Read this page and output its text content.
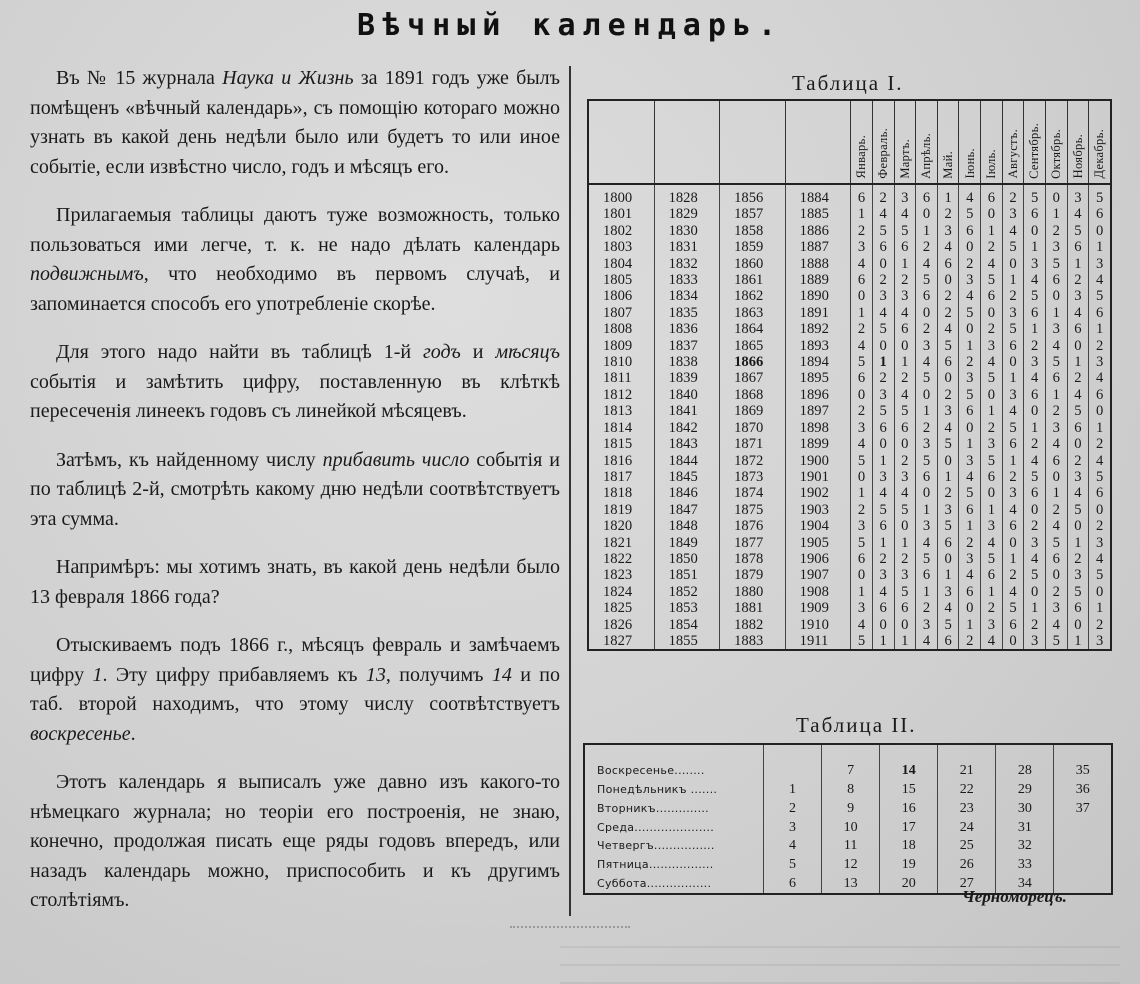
Вѣчный календарь.

Въ № 15 журнала Наука и Жизнь за 1891 годъ уже былъ помѣщенъ «вѣчный календарь», съ помощію котораго можно узнать въ какой день недѣли было или будетъ то или иное событіе, если извѣстно число, годъ и мѣсяцъ его.

Прилагаемыя таблицы даютъ туже возможность, только пользоваться ими легче, т. к. не надо дѣлать календарь подвижнымъ, что необходимо въ первомъ случаѣ, и запоминается способъ его употребленіе скорѣе.

Для этого надо найти въ таблицѣ 1-й годъ и мѣсяцъ событія и замѣтить цифру, поставленную въ клѣткѣ пересеченія линеекъ годовъ съ линейкой мѣсяцевъ.

Затѣмъ, къ найденному числу прибавить число событія и по таблицѣ 2-й, смотрѣть какому дню недѣли соотвѣтствуетъ эта сумма.

Напримѣръ: мы хотимъ знать, въ какой день недѣли было 13 февраля 1866 года?

Отыскиваемъ подъ 1866 г., мѣсяцъ февраль и замѣчаемъ цифру 1. Эту цифру прибавляемъ къ 13, получимъ 14 и по таб. второй находимъ, что этому числу соотвѣтствуетъ воскресенье.

Этотъ календарь я выписалъ уже давно изъ какого-то нѣмецкаго журнала; но теоріи его построенія, не знаю, конечно, продолжая писать еще ряды годовъ впередъ, или назадъ календарь можно, приспособить и къ другимъ столѣтіямъ.

Таблица I.
				Январь.	Февраль.	Мартъ.	Апрѣль.	Май.	Іюнь.	Іюль.	Августъ.	Сентябрь.	Октябрь.	Ноябрь.	Декабрь.
1800	1828	1856	1884	6	2	3	6	1	4	6	2	5	0	3	5
1801	1829	1857	1885	1	4	4	0	2	5	0	3	6	1	4	6
1802	1830	1858	1886	2	5	5	1	3	6	1	4	0	2	5	0
1803	1831	1859	1887	3	6	6	2	4	0	2	5	1	3	6	1
1804	1832	1860	1888	4	0	1	4	6	2	4	0	3	5	1	3
1805	1833	1861	1889	6	2	2	5	0	3	5	1	4	6	2	4
1806	1834	1862	1890	0	3	3	6	2	4	6	2	5	0	3	5
1807	1835	1863	1891	1	4	4	0	2	5	0	3	6	1	4	6
1808	1836	1864	1892	2	5	6	2	4	0	2	5	1	3	6	1
1809	1837	1865	1893	4	0	0	3	5	1	3	6	2	4	0	2
1810	1838	1866	1894	5	1	1	4	6	2	4	0	3	5	1	3
1811	1839	1867	1895	6	2	2	5	0	3	5	1	4	6	2	4
1812	1840	1868	1896	0	3	4	0	2	5	0	3	6	1	4	6
1813	1841	1869	1897	2	5	5	1	3	6	1	4	0	2	5	0
1814	1842	1870	1898	3	6	6	2	4	0	2	5	1	3	6	1
1815	1843	1871	1899	4	0	0	3	5	1	3	6	2	4	0	2
1816	1844	1872	1900	5	1	2	5	0	3	5	1	4	6	2	4
1817	1845	1873	1901	0	3	3	6	1	4	6	2	5	0	3	5
1818	1846	1874	1902	1	4	4	0	2	5	0	3	6	1	4	6
1819	1847	1875	1903	2	5	5	1	3	6	1	4	0	2	5	0
1820	1848	1876	1904	3	6	0	3	5	1	3	6	2	4	0	2
1821	1849	1877	1905	5	1	1	4	6	2	4	0	3	5	1	3
1822	1850	1878	1906	6	2	2	5	0	3	5	1	4	6	2	4
1823	1851	1879	1907	0	3	3	6	1	4	6	2	5	0	3	5
1824	1852	1880	1908	1	4	5	1	3	6	1	4	0	2	5	0
1825	1853	1881	1909	3	6	6	2	4	0	2	5	1	3	6	1
1826	1854	1882	1910	4	0	0	3	5	1	3	6	2	4	0	2
1827	1855	1883	1911	5	1	1	4	6	2	4	0	3	5	1	3
Таблица II.
Воскресенье........		7	14	21	28	35
Понедѣльникъ .......	1	8	15	22	29	36
Вторникъ..............	2	9	16	23	30	37
Среда.....................	3	10	17	24	31	
Четвергъ................	4	11	18	25	32	
Пятница.................	5	12	19	26	33	
Суббота.................	6	13	20	27	34	
Черноморецъ.
